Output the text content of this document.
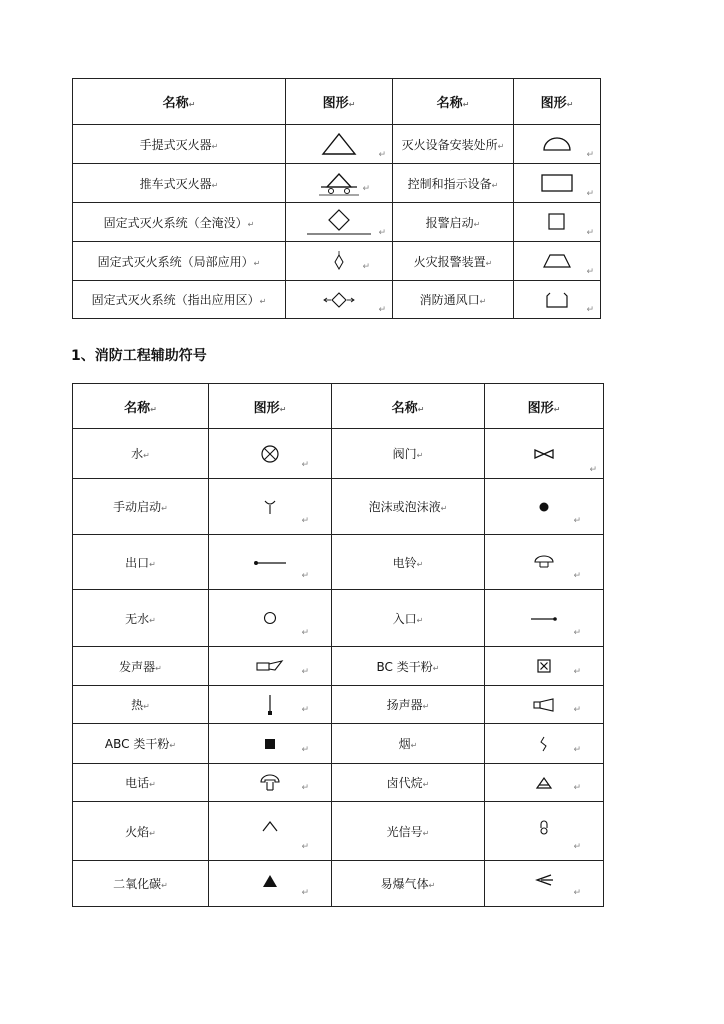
名称↵	图形↵	名称↵	图形↵
手提式灭火器↵	↵	灭火设备安装处所↵	↵

推车式灭火器↵	↵	控制和指示设备↵	↵

固定式灭火系统（全淹没）↵	↵	报警启动↵	↵

固定式灭火系统（局部应用）↵	↵	火灾报警装置↵	↵

固定式灭火系统（指出应用区）↵	↵	消防通风口↵	↵
1、消防工程辅助符号
名称↵	图形↵	名称↵	图形↵
水↵	↵	阀门↵	↵

手动启动↵	↵	泡沫或泡沫液↵	↵

出口↵	↵	电铃↵	↵

无水↵	↵	入口↵	↵

发声器↵	↵	BC 类干粉↵	↵

热↵	↵	扬声器↵	↵

ABC 类干粉↵	↵	烟↵	↵

电话↵	↵	卤代烷↵	↵

火焰↵	↵	光信号↵	↵

二氧化碳↵	↵	易爆气体↵	↵
